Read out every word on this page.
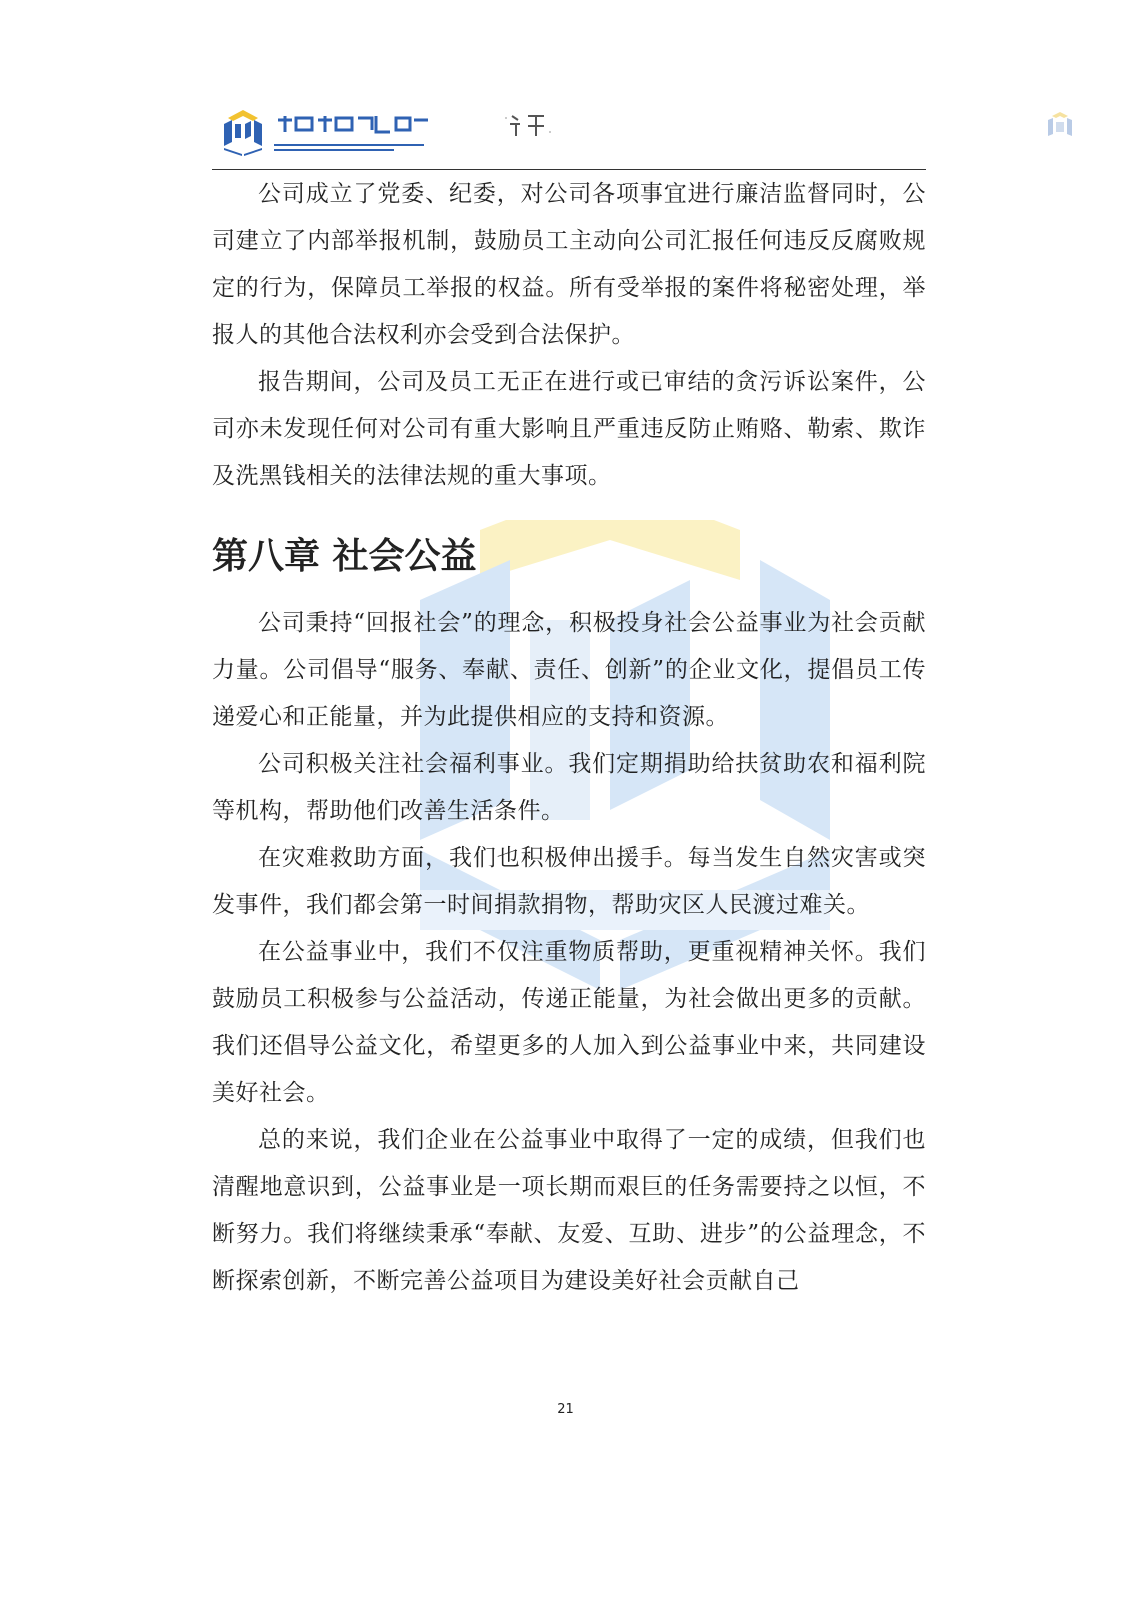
公司成立了党委、纪委，对公司各项事宜进行廉洁监督同时，公司建立了内部举报机制，鼓励员工主动向公司汇报任何违反反腐败规定的行为，保障员工举报的权益。所有受举报的案件将秘密处理，举报人的其他合法权利亦会受到合法保护。

报告期间，公司及员工无正在进行或已审结的贪污诉讼案件，公司亦未发现任何对公司有重大影响且严重违反防止贿赂、勒索、欺诈及洗黑钱相关的法律法规的重大事项。

第八章 社会公益

公司秉持“回报社会”的理念，积极投身社会公益事业为社会贡献力量。公司倡导“服务、奉献、责任、创新”的企业文化，提倡员工传递爱心和正能量，并为此提供相应的支持和资源。

公司积极关注社会福利事业。我们定期捐助给扶贫助农和福利院等机构，帮助他们改善生活条件。

在灾难救助方面，我们也积极伸出援手。每当发生自然灾害或突发事件，我们都会第一时间捐款捐物，帮助灾区人民渡过难关。

在公益事业中，我们不仅注重物质帮助，更重视精神关怀。我们鼓励员工积极参与公益活动，传递正能量，为社会做出更多的贡献。我们还倡导公益文化，希望更多的人加入到公益事业中来，共同建设美好社会。

总的来说，我们企业在公益事业中取得了一定的成绩，但我们也清醒地意识到，公益事业是一项长期而艰巨的任务需要持之以恒，不断努力。我们将继续秉承“奉献、友爱、互助、进步”的公益理念，不断探索创新，不断完善公益项目为建设美好社会贡献自己

21
